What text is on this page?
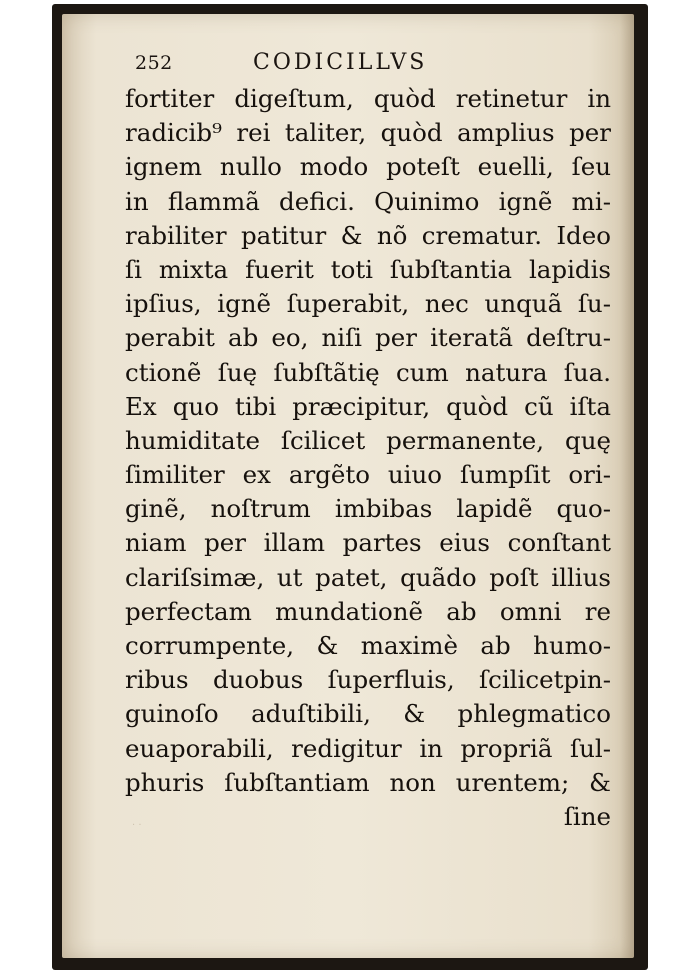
252	CODICILLVS
fortiter digeſtum, quòd retinetur in
radicib⁹ rei taliter, quòd amplius per
ignem nullo modo poteſt euelli, ſeu
in flammã defici. Quinimo ignẽ mi-
rabiliter patitur & nõ crematur. Ideo
ſi mixta fuerit toti ſubſtantia lapidis
ipſius, ignẽ ſuperabit, nec unquã ſu-
perabit ab eo, niſi per iteratã deſtru-
ctionẽ ſuę ſubſtãtię cum natura ſua.
Ex quo tibi præcipitur, quòd cũ iſta
humiditate ſcilicet permanente, quę
ſimiliter ex argẽto uiuo ſumpſit ori-
ginẽ, noſtrum imbibas lapidẽ quo-
niam per illam partes eius conſtant
clariſsimæ, ut patet, quãdo poſt illius
perfectam mundationẽ ab omni re
corrumpente, & maximè ab humo-
ribus duobus ſuperfluis, ſcilicetpin-
guinoſo aduſtibili, & phlegmatico
euaporabili, redigitur in propriã ſul-
phuris ſubſtantiam non urentem; &
ſine
· ·
